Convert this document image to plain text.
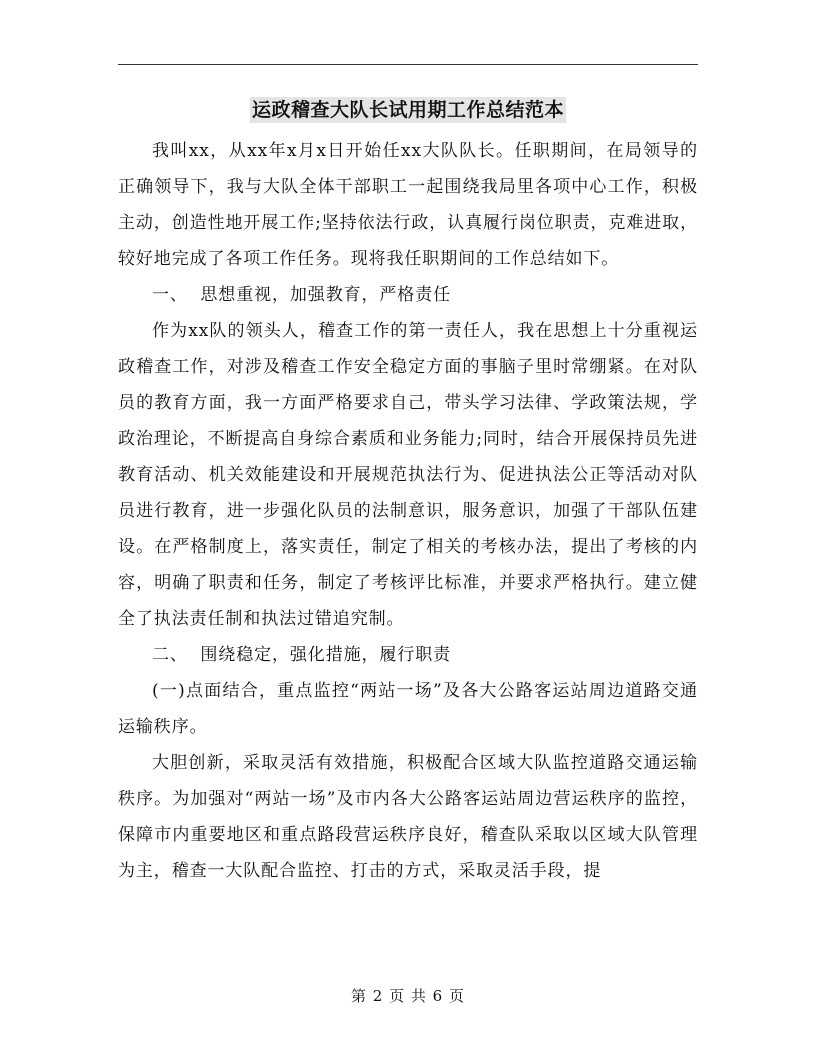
运政稽查大队长试用期工作总结范本

我叫xx，从xx年x月x日开始任xx大队队长。任职期间，在局领导的正确领导下，我与大队全体干部职工一起围绕我局里各项中心工作，积极主动，创造性地开展工作;坚持依法行政，认真履行岗位职责，克难进取，较好地完成了各项工作任务。现将我任职期间的工作总结如下。

一、  思想重视，加强教育，严格责任

作为xx队的领头人，稽查工作的第一责任人，我在思想上十分重视运政稽查工作，对涉及稽查工作安全稳定方面的事脑子里时常绷紧。在对队员的教育方面，我一方面严格要求自己，带头学习法律、学政策法规，学政治理论，不断提高自身综合素质和业务能力;同时，结合开展保持员先进教育活动、机关效能建设和开展规范执法行为、促进执法公正等活动对队员进行教育，进一步强化队员的法制意识，服务意识，加强了干部队伍建设。在严格制度上，落实责任，制定了相关的考核办法，提出了考核的内容，明确了职责和任务，制定了考核评比标准，并要求严格执行。建立健全了执法责任制和执法过错追究制。

二、  围绕稳定，强化措施，履行职责

(一)点面结合，重点监控“两站一场”及各大公路客运站周边道路交通运输秩序。

大胆创新，采取灵活有效措施，积极配合区域大队监控道路交通运输秩序。为加强对“两站一场”及市内各大公路客运站周边营运秩序的监控，保障市内重要地区和重点路段营运秩序良好，稽查队采取以区域大队管理为主，稽查一大队配合监控、打击的方式，采取灵活手段，提

第 2 页 共 6 页
